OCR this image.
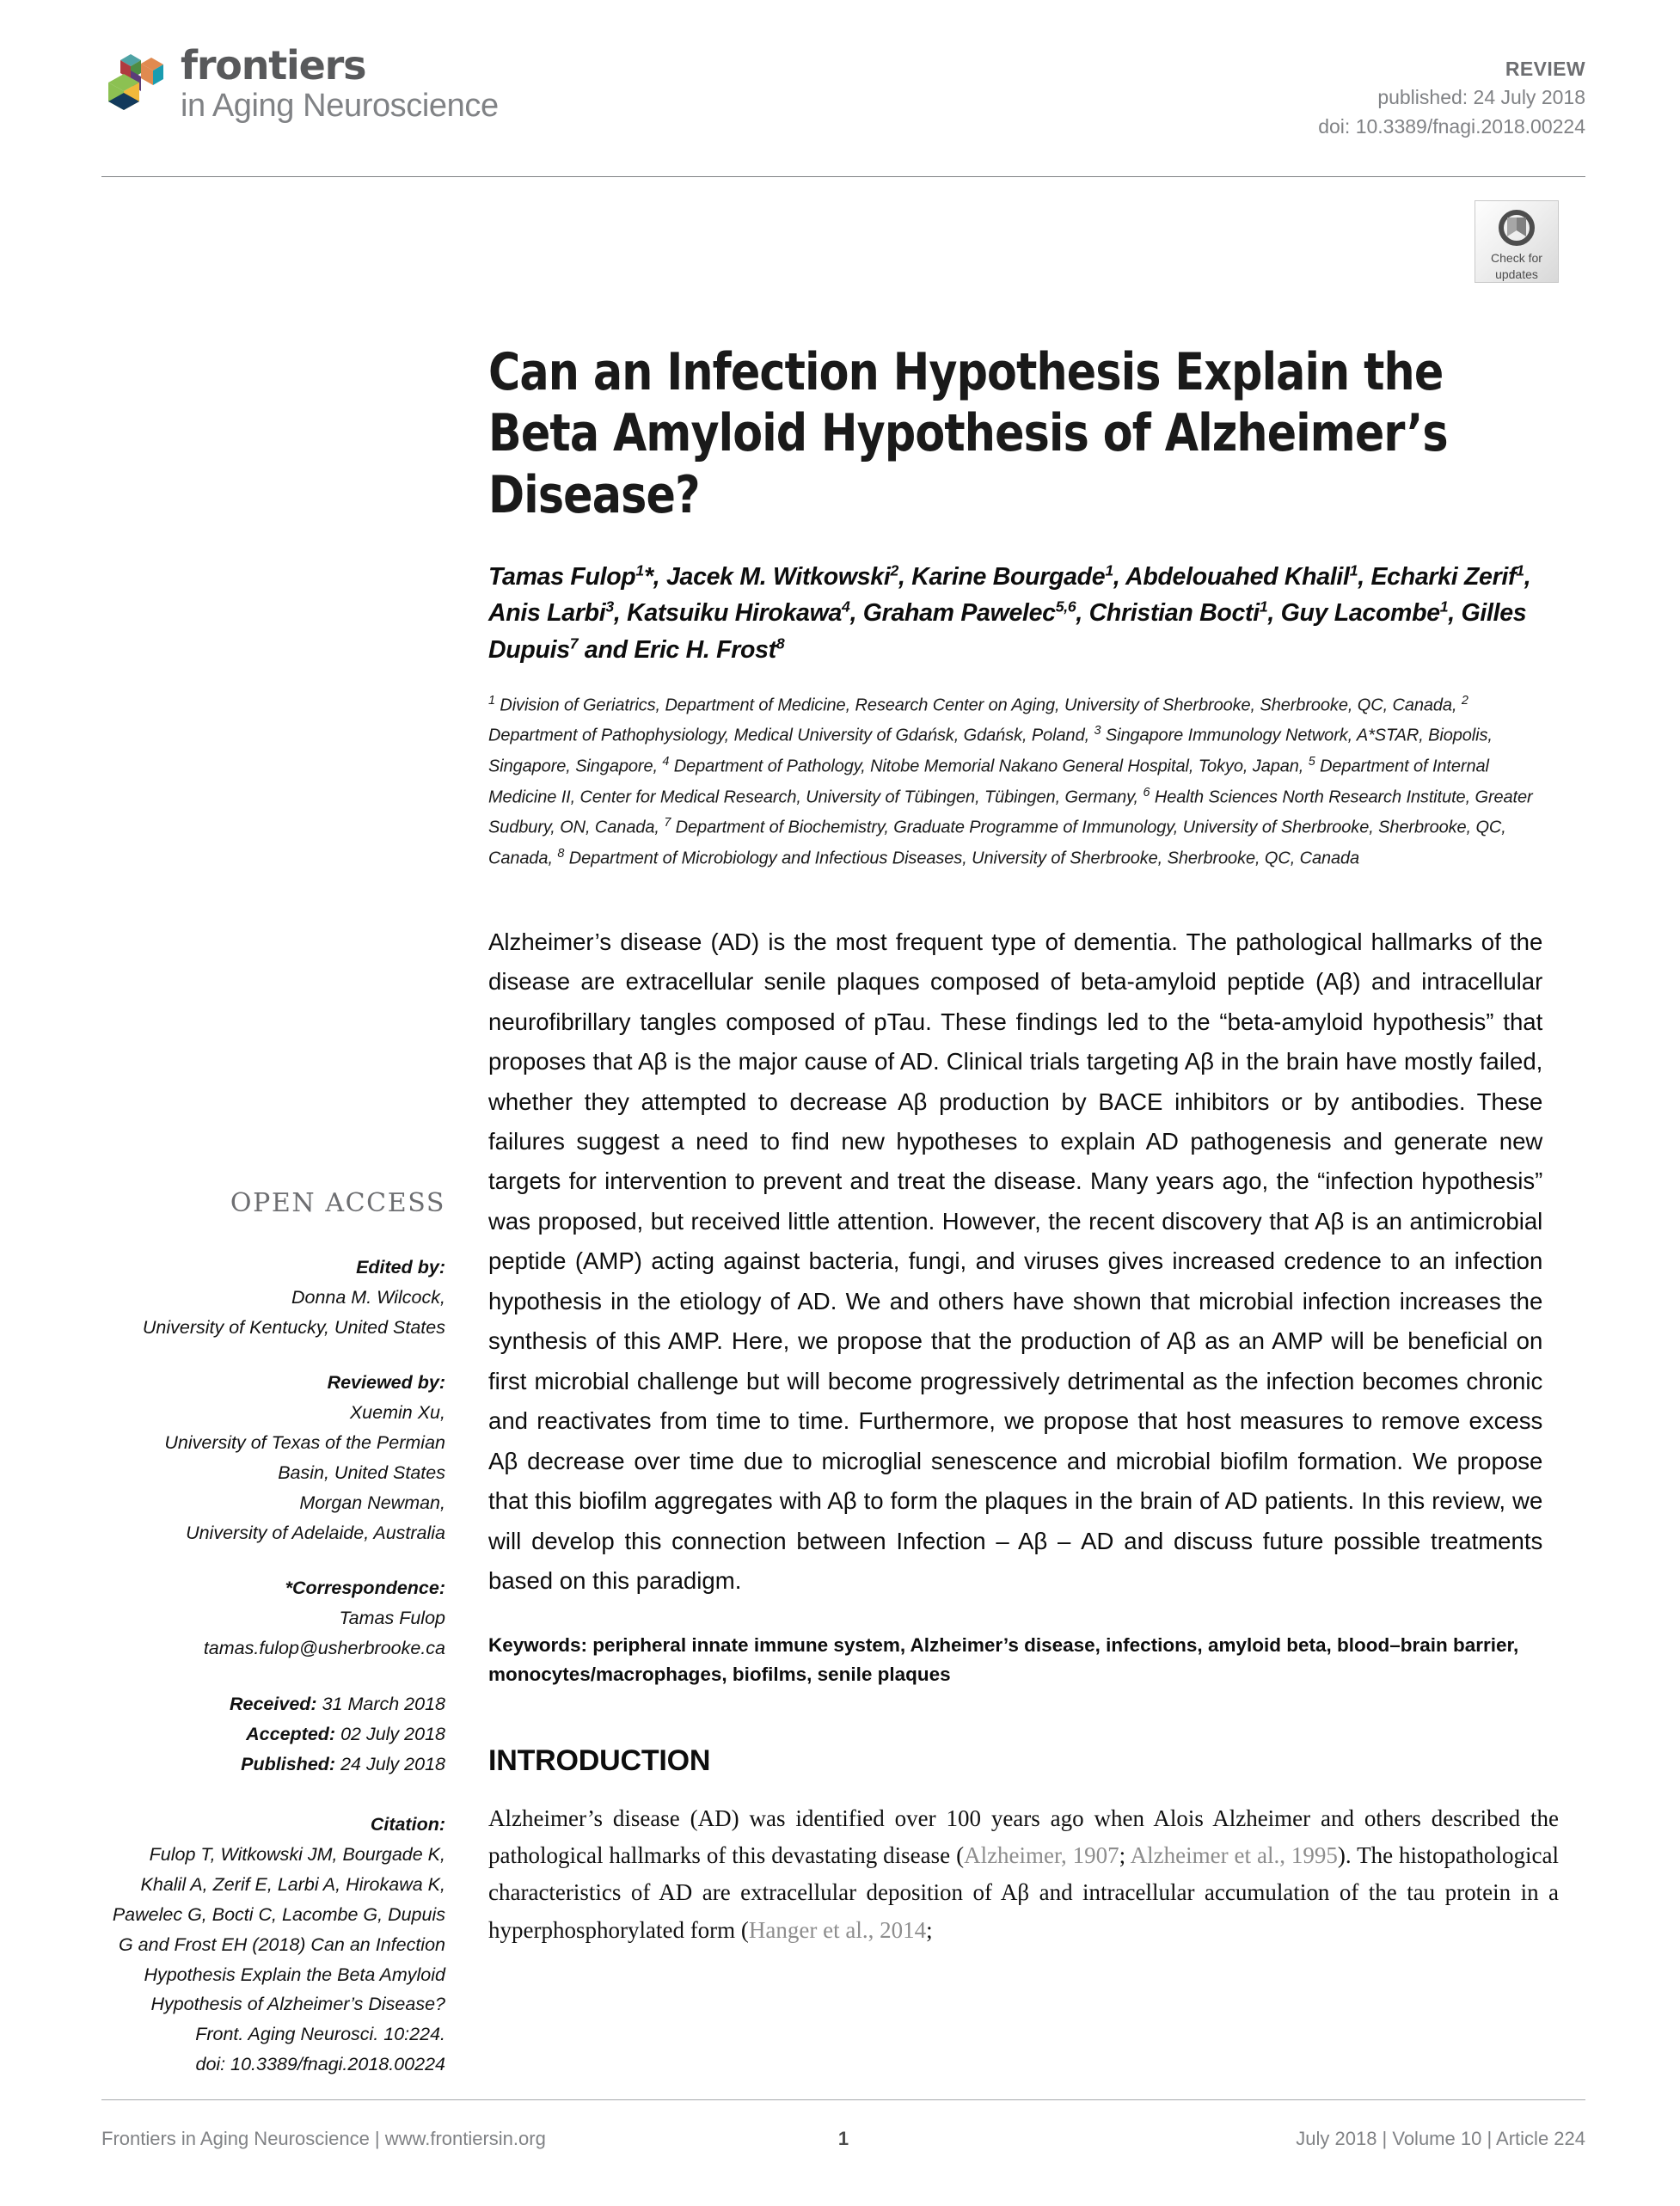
frontiers
in Aging Neuroscience
REVIEW
published: 24 July 2018
doi: 10.3389/fnagi.2018.00224
Check for
updates
Can an Infection Hypothesis Explain the Beta Amyloid Hypothesis of Alzheimer’s Disease?
Tamas Fulop$^1$*, Jacek M. Witkowski$^2$, Karine Bourgade$^1$, Abdelouahed Khalil$^1$, Echarki Zerif$^1$, Anis Larbi$^3$, Katsuiku Hirokawa$^4$, Graham Pawelec$^{5,6}$, Christian Bocti$^1$, Guy Lacombe$^1$, Gilles Dupuis$^7$ and Eric H. Frost$^8$
$^1$ Division of Geriatrics, Department of Medicine, Research Center on Aging, University of Sherbrooke, Sherbrooke, QC, Canada, $^2$ Department of Pathophysiology, Medical University of Gdańsk, Gdańsk, Poland, $^3$ Singapore Immunology Network, A*STAR, Biopolis, Singapore, Singapore, $^4$ Department of Pathology, Nitobe Memorial Nakano General Hospital, Tokyo, Japan, $^5$ Department of Internal Medicine II, Center for Medical Research, University of Tübingen, Tübingen, Germany, $^6$ Health Sciences North Research Institute, Greater Sudbury, ON, Canada, $^7$ Department of Biochemistry, Graduate Programme of Immunology, University of Sherbrooke, Sherbrooke, QC, Canada, $^8$ Department of Microbiology and Infectious Diseases, University of Sherbrooke, Sherbrooke, QC, Canada
Alzheimer’s disease (AD) is the most frequent type of dementia. The pathological hallmarks of the disease are extracellular senile plaques composed of beta-amyloid peptide (Aβ) and intracellular neurofibrillary tangles composed of pTau. These findings led to the “beta-amyloid hypothesis” that proposes that Aβ is the major cause of AD. Clinical trials targeting Aβ in the brain have mostly failed, whether they attempted to decrease Aβ production by BACE inhibitors or by antibodies. These failures suggest a need to find new hypotheses to explain AD pathogenesis and generate new targets for intervention to prevent and treat the disease. Many years ago, the “infection hypothesis” was proposed, but received little attention. However, the recent discovery that Aβ is an antimicrobial peptide (AMP) acting against bacteria, fungi, and viruses gives increased credence to an infection hypothesis in the etiology of AD. We and others have shown that microbial infection increases the synthesis of this AMP. Here, we propose that the production of Aβ as an AMP will be beneficial on first microbial challenge but will become progressively detrimental as the infection becomes chronic and reactivates from time to time. Furthermore, we propose that host measures to remove excess Aβ decrease over time due to microglial senescence and microbial biofilm formation. We propose that this biofilm aggregates with Aβ to form the plaques in the brain of AD patients. In this review, we will develop this connection between Infection – Aβ – AD and discuss future possible treatments based on this paradigm.
Keywords: peripheral innate immune system, Alzheimer’s disease, infections, amyloid beta, blood–brain barrier, monocytes/macrophages, biofilms, senile plaques
INTRODUCTION

Alzheimer’s disease (AD) was identified over 100 years ago when Alois Alzheimer and others described the pathological hallmarks of this devastating disease (Alzheimer, 1907; Alzheimer et al., 1995). The histopathological characteristics of AD are extracellular deposition of Aβ and intracellular accumulation of the tau protein in a hyperphosphorylated form (Hanger et al., 2014;

OPEN ACCESS
Edited by:
Donna M. Wilcock,
University of Kentucky, United States
Reviewed by:
Xuemin Xu,
University of Texas of the Permian
Basin, United States
Morgan Newman,
University of Adelaide, Australia
*Correspondence:
Tamas Fulop
tamas.fulop@usherbrooke.ca
Received: 31 March 2018
Accepted: 02 July 2018
Published: 24 July 2018
Citation:
Fulop T, Witkowski JM, Bourgade K, Khalil A, Zerif E, Larbi A, Hirokawa K, Pawelec G, Bocti C, Lacombe G, Dupuis G and Frost EH (2018) Can an Infection Hypothesis Explain the Beta Amyloid Hypothesis of Alzheimer’s Disease?
Front. Aging Neurosci. 10:224.
doi: 10.3389/fnagi.2018.00224
Frontiers in Aging Neuroscience | www.frontiersin.org	1	July 2018 | Volume 10 | Article 224
